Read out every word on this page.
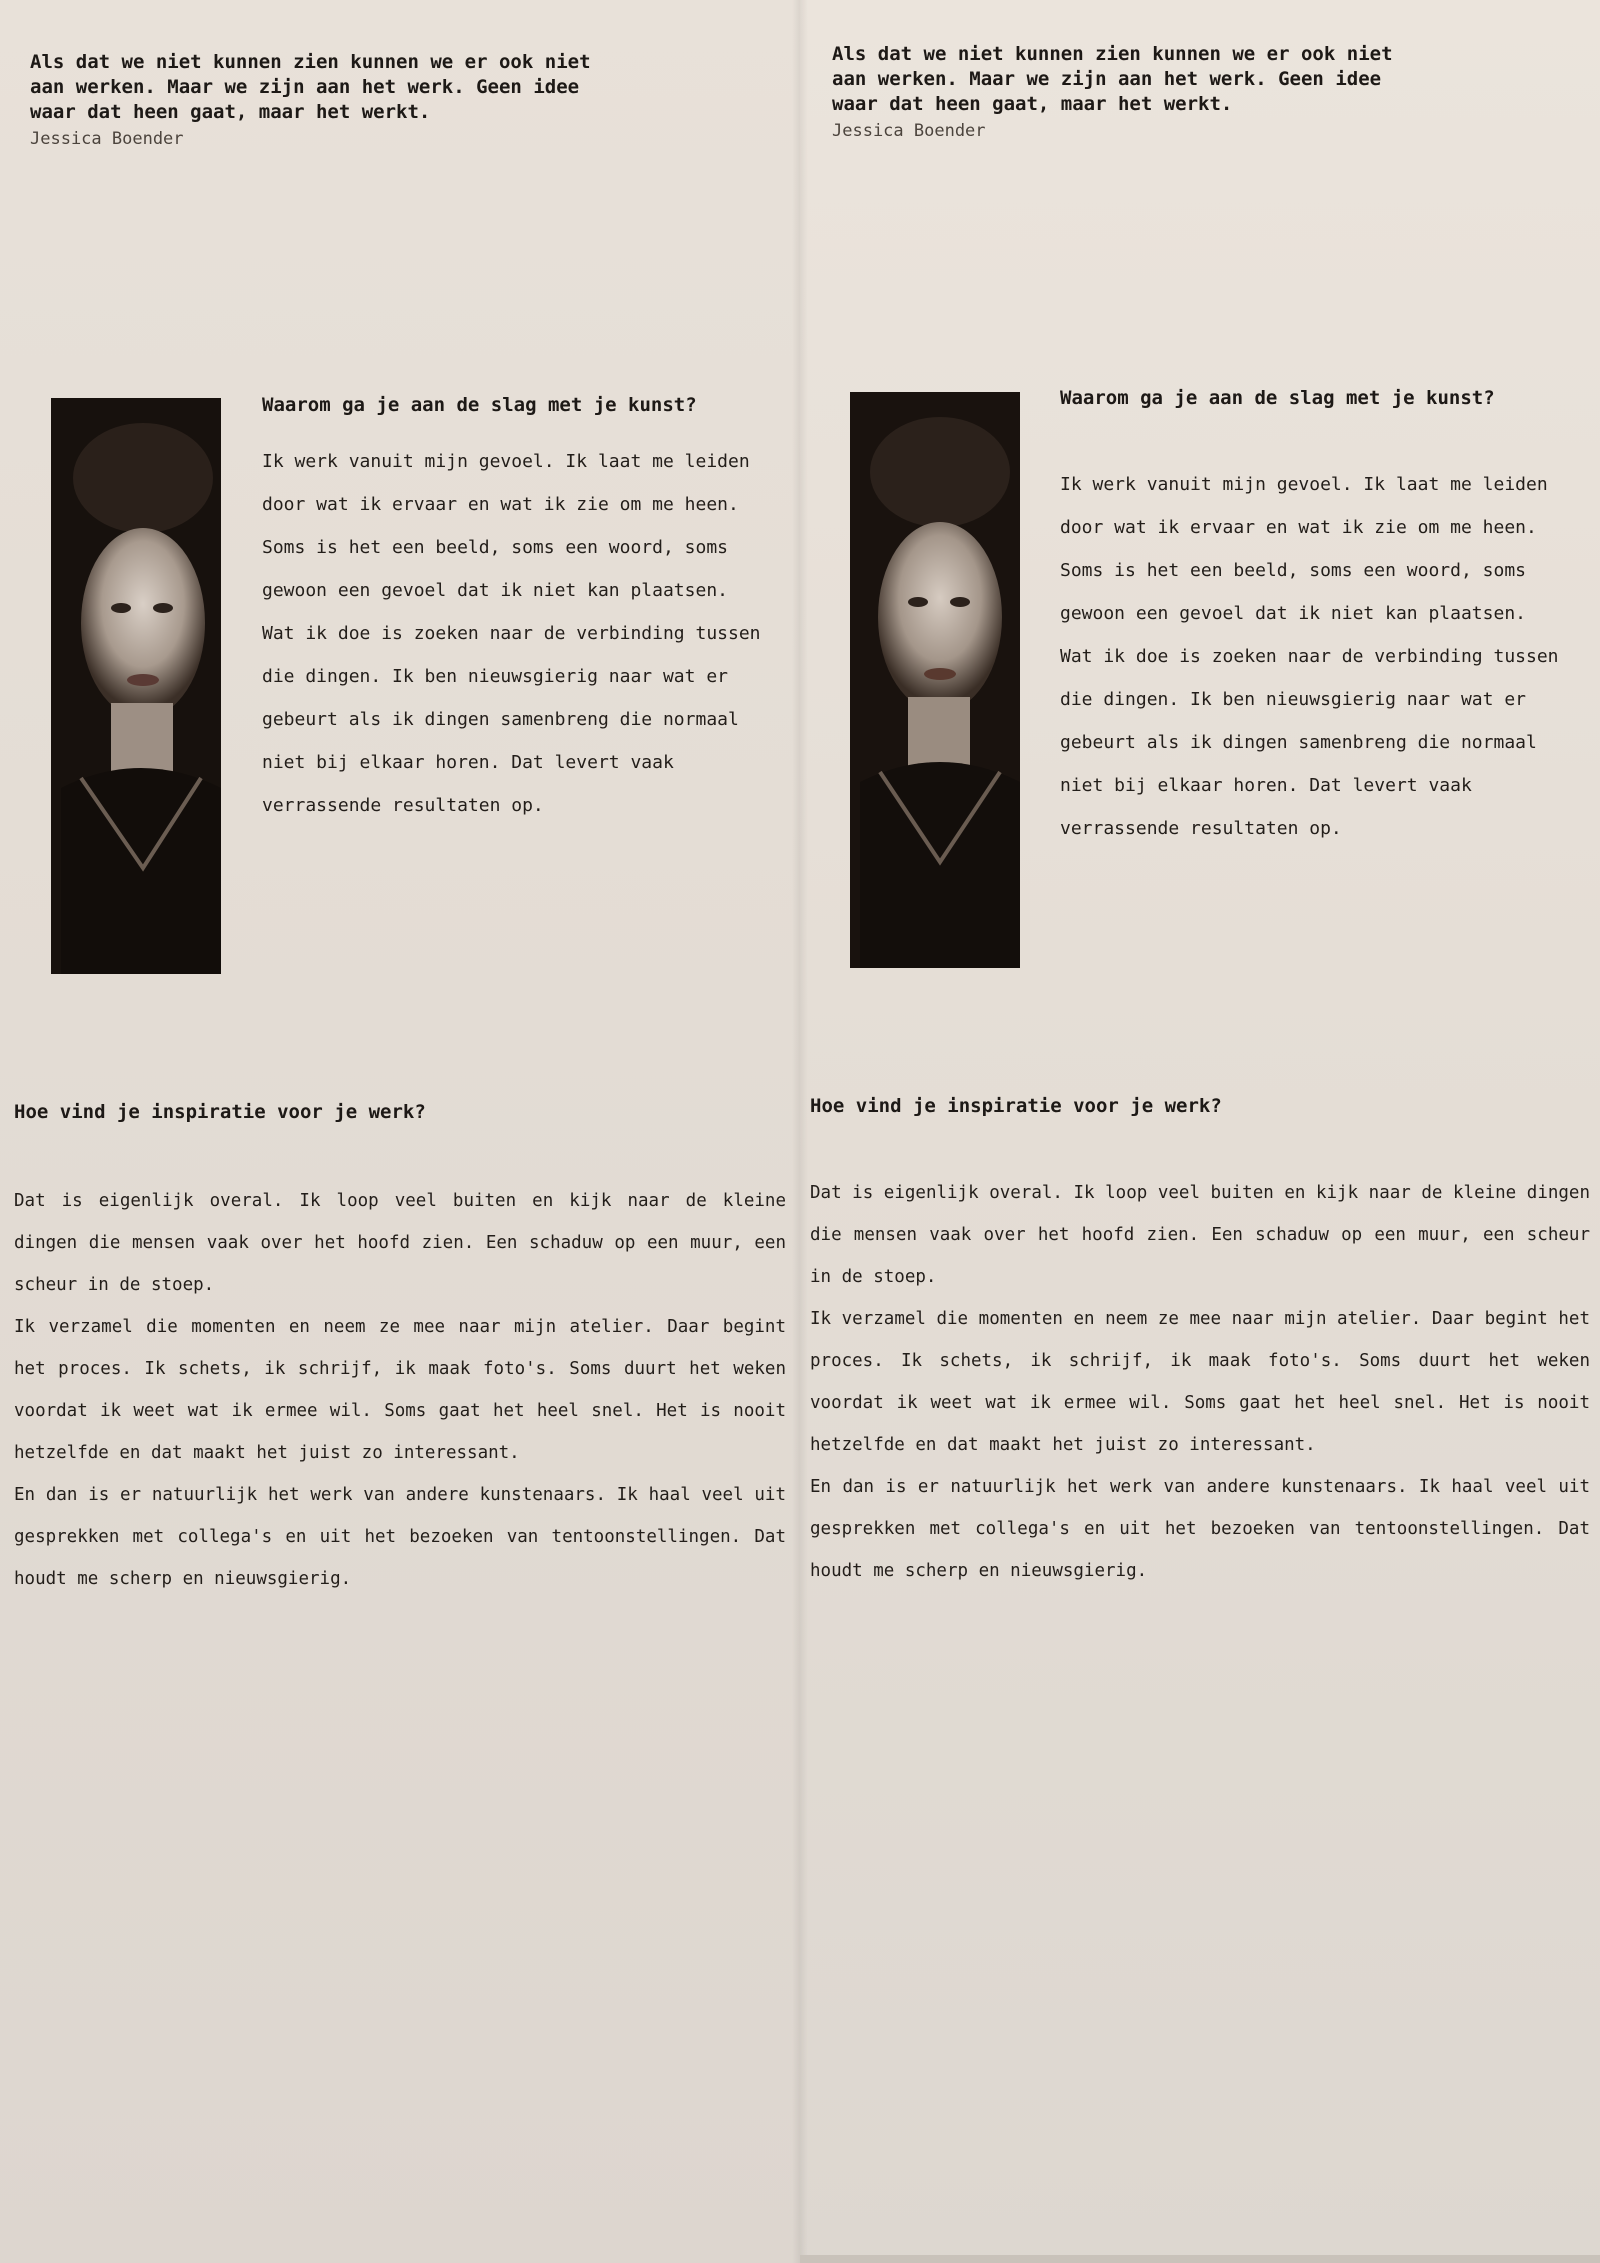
Als dat we niet kunnen zien kunnen we er ook niet aan werken. Maar we zijn aan het werk. Geen idee waar dat heen gaat, maar het werkt.
Jessica Boender
Waarom ga je aan de slag met je kunst?

Ik werk vanuit mijn gevoel. Ik laat me leiden door wat ik ervaar en wat ik zie om me heen. Soms is het een beeld, soms een woord, soms gewoon een gevoel dat ik niet kan plaatsen.

Wat ik doe is zoeken naar de verbinding tussen die dingen. Ik ben nieuwsgierig naar wat er gebeurt als ik dingen samenbreng die normaal niet bij elkaar horen. Dat levert vaak verrassende resultaten op.

Hoe vind je inspiratie voor je werk?

Dat is eigenlijk overal. Ik loop veel buiten en kijk naar de kleine dingen die mensen vaak over het hoofd zien. Een schaduw op een muur, een scheur in de stoep.

Ik verzamel die momenten en neem ze mee naar mijn atelier. Daar begint het proces. Ik schets, ik schrijf, ik maak foto's. Soms duurt het weken voordat ik weet wat ik ermee wil. Soms gaat het heel snel. Het is nooit hetzelfde en dat maakt het juist zo interessant.

En dan is er natuurlijk het werk van andere kunstenaars. Ik haal veel uit gesprekken met collega's en uit het bezoeken van tentoonstellingen. Dat houdt me scherp en nieuwsgierig.

Als dat we niet kunnen zien kunnen we er ook niet aan werken. Maar we zijn aan het werk. Geen idee waar dat heen gaat, maar het werkt.
Jessica Boender
Waarom ga je aan de slag met je kunst?

Ik werk vanuit mijn gevoel. Ik laat me leiden door wat ik ervaar en wat ik zie om me heen. Soms is het een beeld, soms een woord, soms gewoon een gevoel dat ik niet kan plaatsen.

Wat ik doe is zoeken naar de verbinding tussen die dingen. Ik ben nieuwsgierig naar wat er gebeurt als ik dingen samenbreng die normaal niet bij elkaar horen. Dat levert vaak verrassende resultaten op.

Hoe vind je inspiratie voor je werk?

Dat is eigenlijk overal. Ik loop veel buiten en kijk naar de kleine dingen die mensen vaak over het hoofd zien. Een schaduw op een muur, een scheur in de stoep.

Ik verzamel die momenten en neem ze mee naar mijn atelier. Daar begint het proces. Ik schets, ik schrijf, ik maak foto's. Soms duurt het weken voordat ik weet wat ik ermee wil. Soms gaat het heel snel. Het is nooit hetzelfde en dat maakt het juist zo interessant.

En dan is er natuurlijk het werk van andere kunstenaars. Ik haal veel uit gesprekken met collega's en uit het bezoeken van tentoonstellingen. Dat houdt me scherp en nieuwsgierig.
